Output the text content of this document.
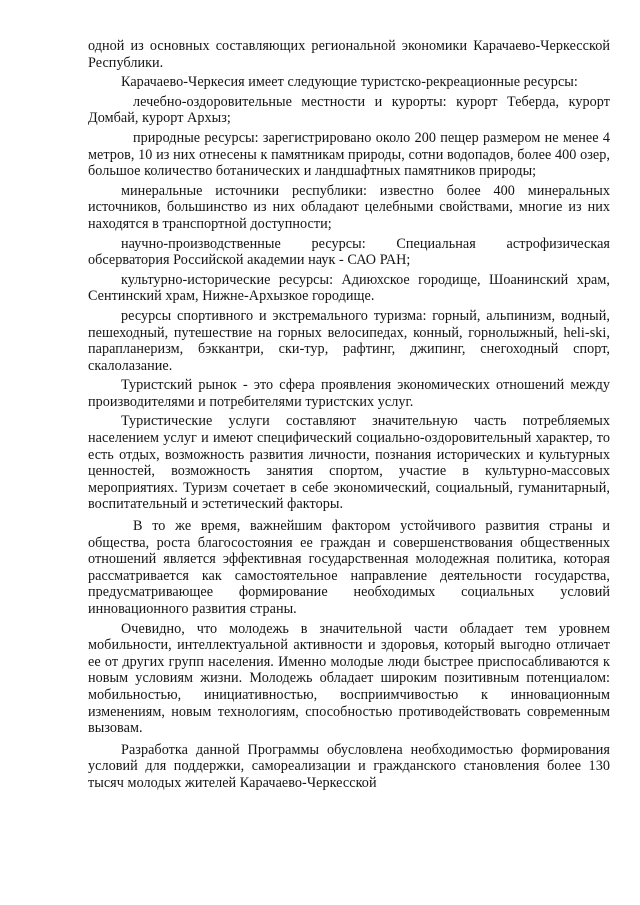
одной из основных составляющих региональной экономики Карачаево-Черкесской Республики.

Карачаево-Черкесия имеет следующие туристско-рекреационные ресурсы:

лечебно-оздоровительные местности и курорты: курорт Теберда, курорт Домбай, курорт Архыз;

природные ресурсы: зарегистрировано около 200 пещер размером не менее 4 метров, 10 из них отнесены к памятникам природы, сотни водопадов, более 400 озер, большое количество ботанических и ландшафтных памятников природы;

минеральные источники республики: известно более 400 минеральных источников, большинство из них обладают целебными свойствами, многие из них находятся в транспортной доступности;

научно-производственные ресурсы: Специальная астрофизическая обсерватория Российской академии наук - САО РАН;

культурно-исторические ресурсы: Адиюхское городище, Шоанинский храм, Сентинский храм, Нижне-Архызкое городище.

ресурсы спортивного и экстремального туризма: горный, альпинизм, водный, пешеходный, путешествие на горных велосипедах, конный, горнолыжный, heli-ski, парапланеризм, бэккантри, ски-тур, рафтинг, джипинг, снегоходный спорт, скалолазание.

Туристский рынок - это сфера проявления экономических отношений между производителями и потребителями туристских услуг.

Туристические услуги составляют значительную часть потребляемых населением услуг и имеют специфический социально-оздоровительный характер, то есть отдых, возможность развития личности, познания исторических и культурных ценностей, возможность занятия спортом, участие в культурно-массовых мероприятиях. Туризм сочетает в себе экономический, социальный, гуманитарный, воспитательный и эстетический факторы.

В то же время, важнейшим фактором устойчивого развития страны и общества, роста благосостояния ее граждан и совершенствования общественных отношений является эффективная государственная молодежная политика, которая рассматривается как самостоятельное направление деятельности государства, предусматривающее формирование необходимых социальных условий инновационного развития страны.

Очевидно, что молодежь в значительной части обладает тем уровнем мобильности, интеллектуальной активности и здоровья, который выгодно отличает ее от других групп населения. Именно молодые люди быстрее приспосабливаются к новым условиям жизни. Молодежь обладает широким позитивным потенциалом: мобильностью, инициативностью, восприимчивостью к инновационным изменениям, новым технологиям, способностью противодействовать современным вызовам.

Разработка данной Программы обусловлена необходимостью формирования условий для поддержки, самореализации и гражданского становления более 130 тысяч молодых жителей Карачаево-Черкесской
